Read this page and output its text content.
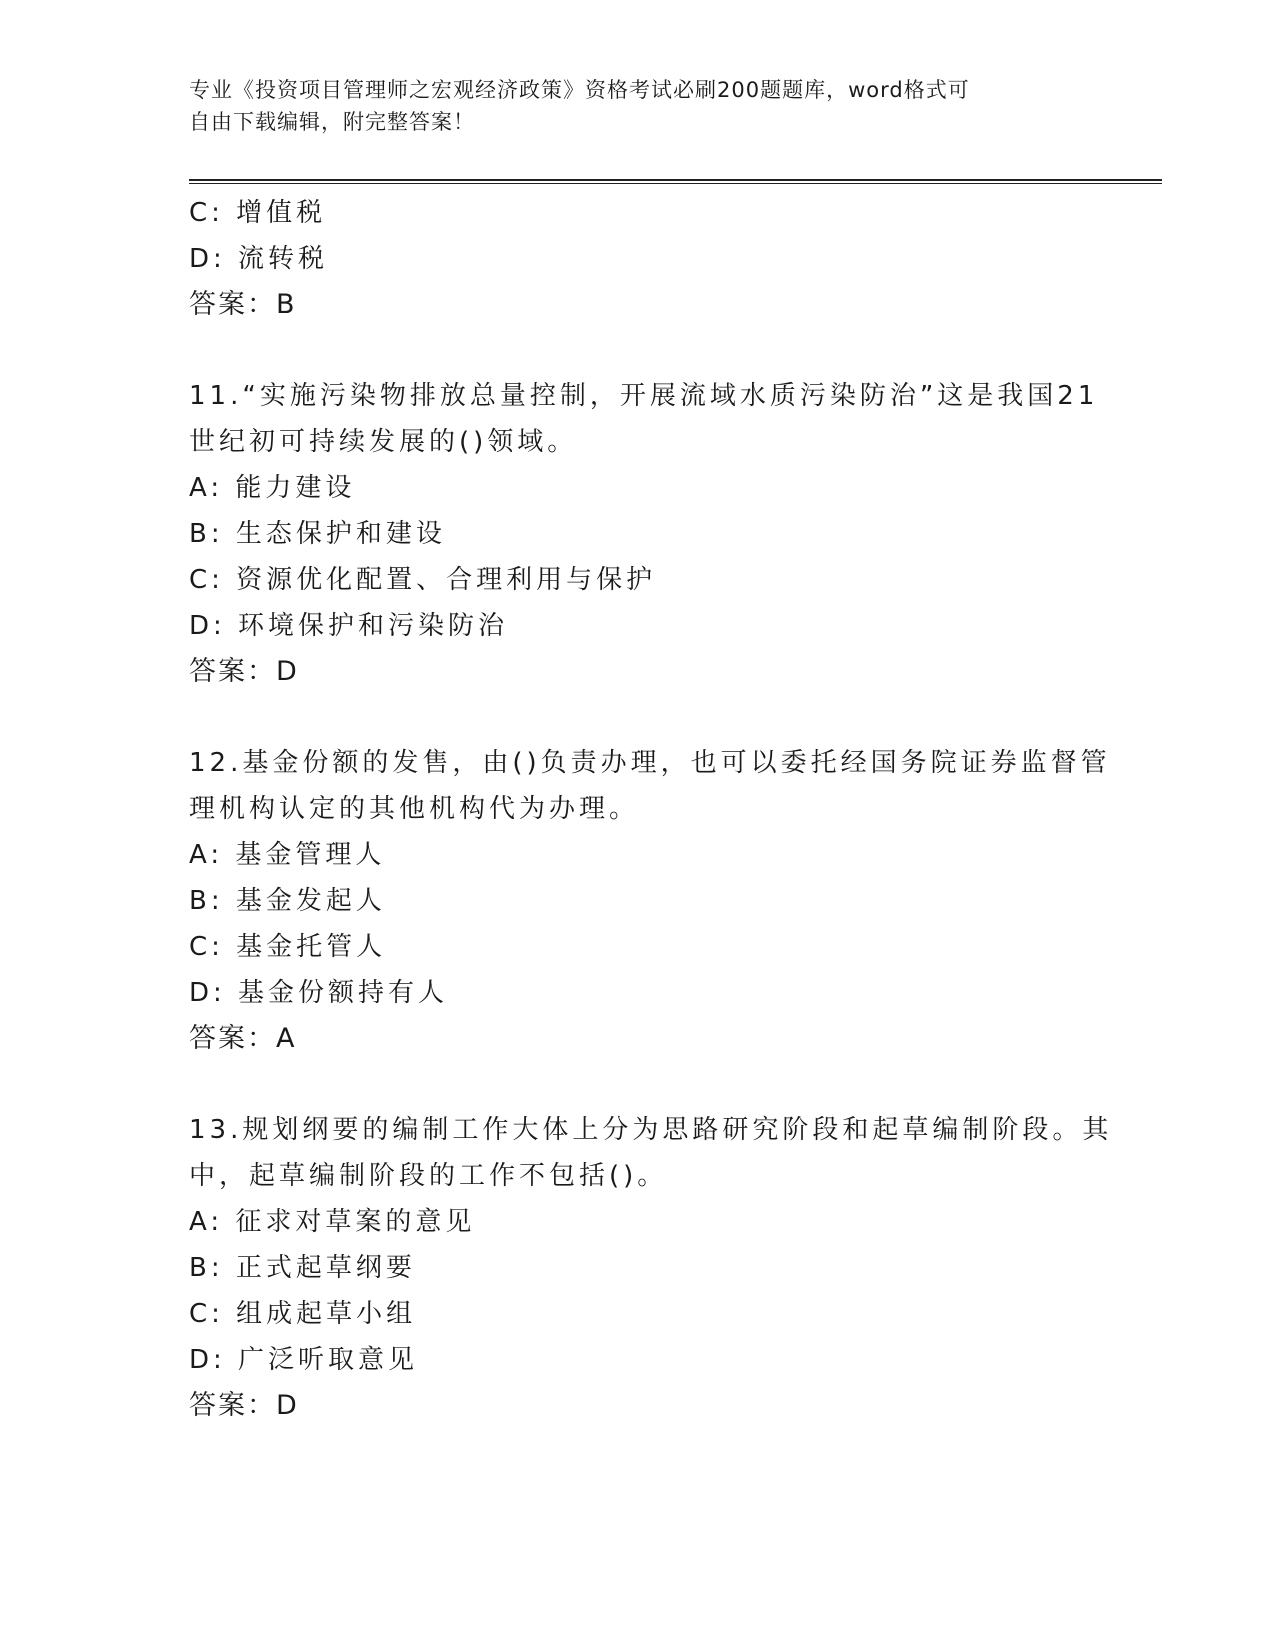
专业《投资项目管理师之宏观经济政策》资格考试必刷200题题库，word格式可
自由下载编辑，附完整答案！
C: 增值税
D: 流转税
答案：B
11.“实施污染物排放总量控制，开展流域水质污染防治”这是我国21
世纪初可持续发展的()领域。
A: 能力建设
B: 生态保护和建设
C: 资源优化配置、合理利用与保护
D: 环境保护和污染防治
答案：D
12.基金份额的发售，由()负责办理，也可以委托经国务院证券监督管
理机构认定的其他机构代为办理。
A: 基金管理人
B: 基金发起人
C: 基金托管人
D: 基金份额持有人
答案：A
13.规划纲要的编制工作大体上分为思路研究阶段和起草编制阶段。其
中，起草编制阶段的工作不包括()。
A: 征求对草案的意见
B: 正式起草纲要
C: 组成起草小组
D: 广泛听取意见
答案：D
